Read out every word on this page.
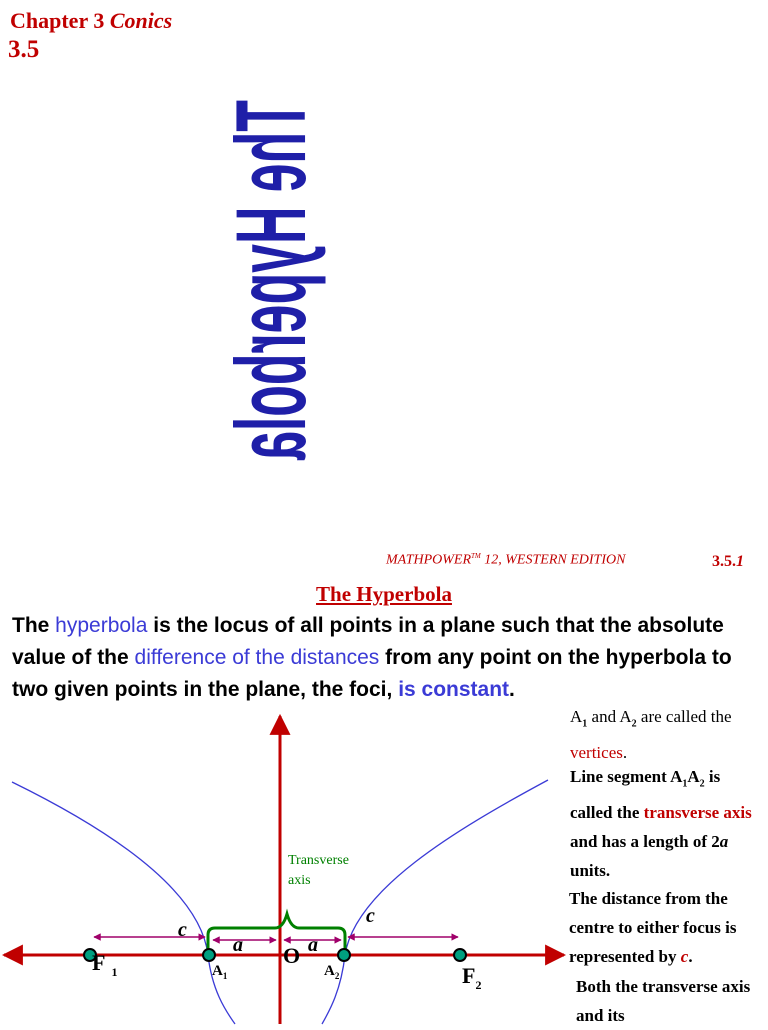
Chapter 3 Conics
3.5
The Hyperbola
MATHPOWER™ 12, WESTERN EDITION	3.5.1
The Hyperbola
The hyperbola is the locus of all points in a plane such that the absolute value of the difference of the distances from any point on the hyperbola to two given points in the plane, the foci, is constant.
$A_1$ and $A_2$ are called the vertices.
Line segment $A_1A_2$ is called the transverse axis and has a length of 2a units.
The distance from the centre to either focus is represented by c.
Both the transverse axis and its
Transverse
axis
c
c
a	a
O
F $_1$	$F_2$
$A_1$	$A_2$
